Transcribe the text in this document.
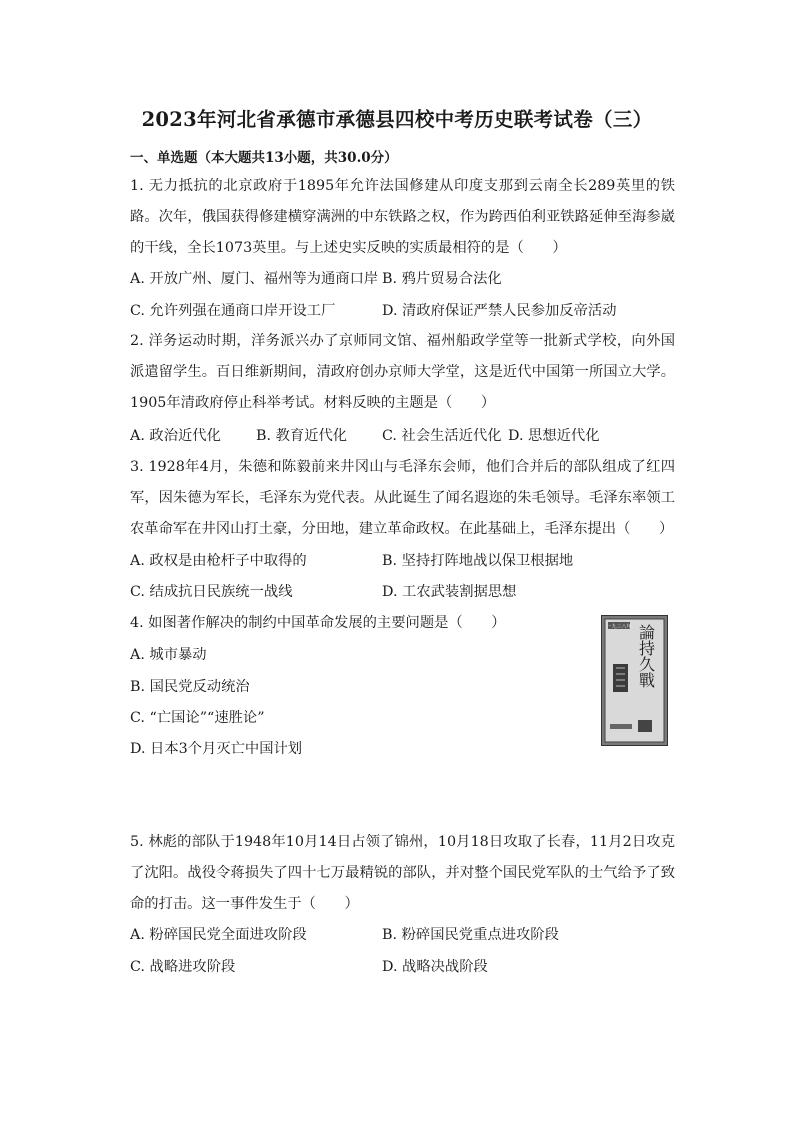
2023年河北省承德市承德县四校中考历史联考试卷（三）
一、单选题（本大题共13小题，共30.0分）
1. 无力抵抗的北京政府于1895年允许法国修建从印度支那到云南全长289英里的铁路。次年，俄国获得修建横穿满洲的中东铁路之权，作为跨西伯利亚铁路延伸至海参崴的干线，全长1073英里。与上述史实反映的实质最相符的是（　　）
A. 开放广州、厦门、福州等为通商口岸 B. 鸦片贸易合法化
C. 允许列强在通商口岸开设工厂	D. 清政府保证严禁人民参加反帝活动
2. 洋务运动时期，洋务派兴办了京师同文馆、福州船政学堂等一批新式学校，向外国派遣留学生。百日维新期间，清政府创办京师大学堂，这是近代中国第一所国立大学。1905年清政府停止科举考试。材料反映的主题是（　　）
A. 政治近代化 B. 教育近代化 C. 社会生活近代化 D. 思想近代化
3. 1928年4月，朱德和陈毅前来井冈山与毛泽东会师，他们合并后的部队组成了红四军，因朱德为军长，毛泽东为党代表。从此诞生了闻名遐迩的朱毛领导。毛泽东率领工农革命军在井冈山打土豪，分田地，建立革命政权。在此基础上，毛泽东提出（　　）
A. 政权是由枪杆子中取得的	B. 坚持打阵地战以保卫根据地
C. 结成抗日民族统一战线	D. 工农武装割据思想
4. 如图著作解决的制约中国革命发展的主要问题是（　　）
A. 城市暴动
B. 国民党反动统治
C. “亡国论”“速胜论”
D. 日本3个月灭亡中国计划
一九三八年 論持久戰
5. 林彪的部队于1948年10月14日占领了锦州，10月18日攻取了长春，11月2日攻克了沈阳。战役令蒋损失了四十七万最精锐的部队，并对整个国民党军队的士气给予了致命的打击。这一事件发生于（　　）
A. 粉碎国民党全面进攻阶段	B. 粉碎国民党重点进攻阶段
C. 战略进攻阶段	D. 战略决战阶段
